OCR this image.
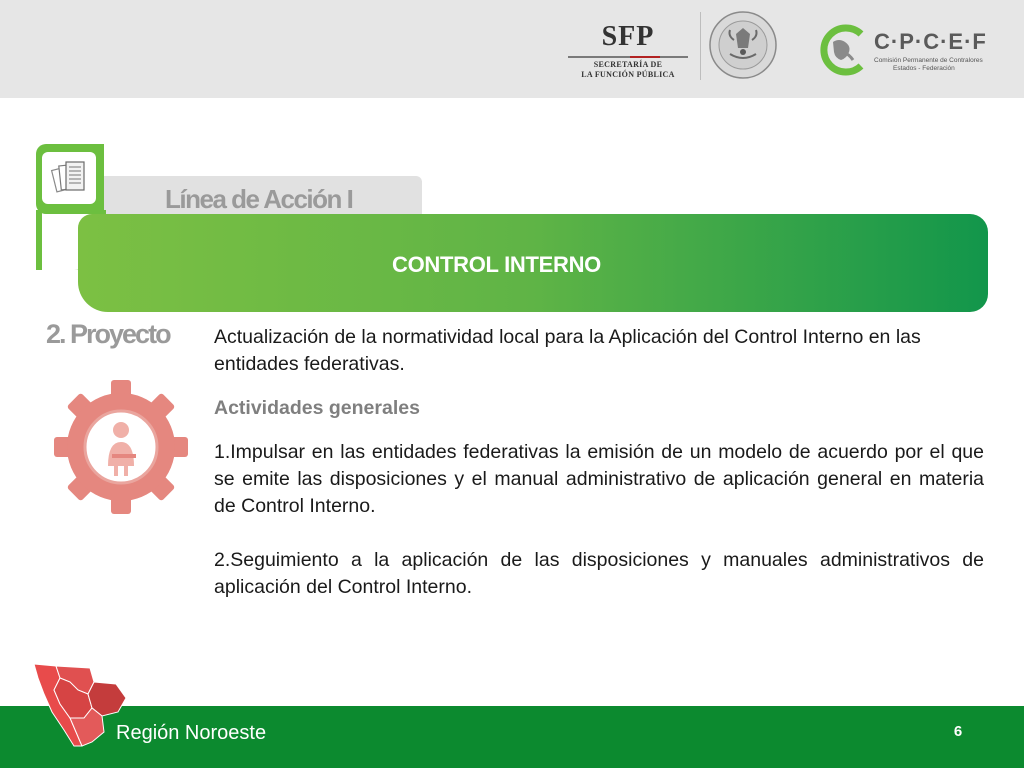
SFP
SECRETARÍA DE
LA FUNCIÓN PÚBLICA
C·P·C·E·F
Comisión Permanente de Contralores
Estados - Federación
Línea de Acción I
CONTROL INTERNO
2. Proyecto Actualización de la normatividad local para la Aplicación del Control Interno en las entidades federativas.

Actividades generales

1.Impulsar en las entidades federativas la emisión de un modelo de acuerdo por el que se emite las disposiciones y el manual administrativo de aplicación general en materia de Control Interno.

2.Seguimiento a la aplicación de las disposiciones y manuales administrativos de aplicación del Control Interno.

Región Noroeste	6
